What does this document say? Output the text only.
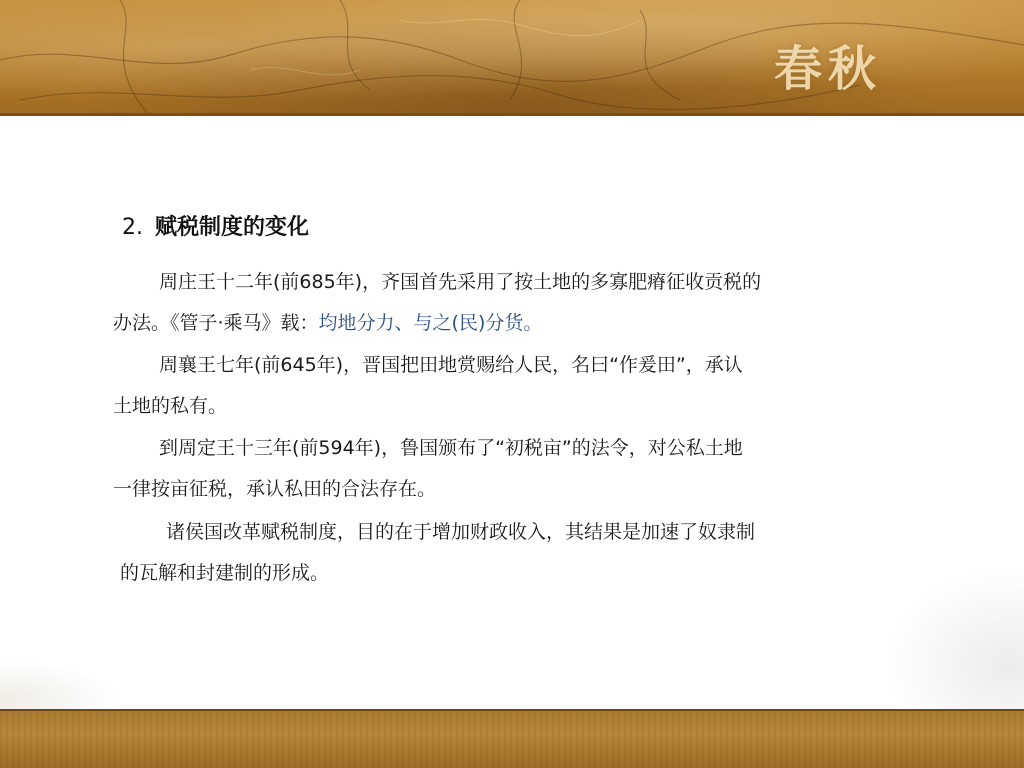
春秋
2. 赋税制度的变化
周庄王十二年(前685年)，齐国首先采用了按土地的多寡肥瘠征收贡税的
办法。《管子·乘马》载：均地分力、与之(民)分货。
周襄王七年(前645年)，晋国把田地赏赐给人民，名曰“作爰田”，承认
土地的私有。
到周定王十三年(前594年)，鲁国颁布了“初税亩”的法令，对公私土地
一律按亩征税，承认私田的合法存在。
诸侯国改革赋税制度，目的在于增加财政收入，其结果是加速了奴隶制
的瓦解和封建制的形成。
